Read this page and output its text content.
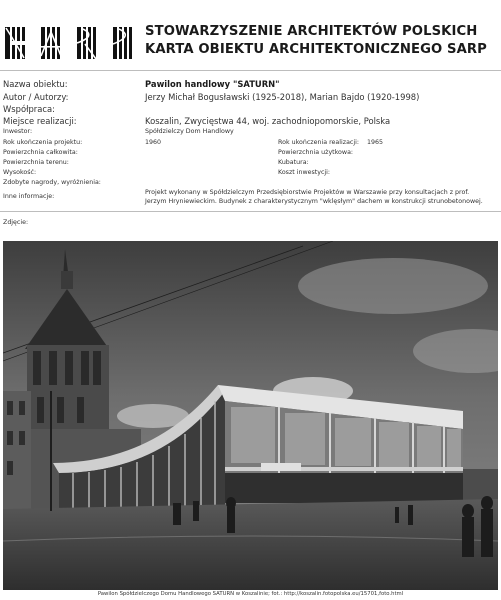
STOWARZYSZENIE ARCHITEKTÓW POLSKICH
KARTA OBIEKTU ARCHITEKTONICZNEGO SARP
Nazwa obiektu:	Pawilon handlowy "SATURN"
Autor / Autorzy:	Jerzy Michał Bogusławski (1925-2018), Marian Bajdo (1920-1998)
Współpraca:
Miejsce realizacji:	Koszalin, Zwycięstwa 44, woj. zachodniopomorskie, Polska
Inwestor:	Spółdzielczy Dom Handlowy
Rok ukończenia projektu:	1960	Rok ukończenia realizacji: 1965
Powierzchnia całkowita:	Powierzchnia użytkowa:
Powierzchnia terenu:	Kubatura:
Wysokość:	Koszt inwestycji:
Zdobyte nagrody, wyróżnienia:
Inne informacje:
Projekt wykonany w Spółdzielczym Przedsiębiorstwie Projektów w Warszawie przy konsultacjach z prof. Jerzym Hryniewieckim. Budynek z charakterystycznym "wklęsłym" dachem w konstrukcji strunobetonowej.
Zdjęcie:
Pawilon Spółdzielczego Domu Handlowego SATURN w Koszalinie; fot.: http://koszalin.fotopolska.eu/15701,foto.html
